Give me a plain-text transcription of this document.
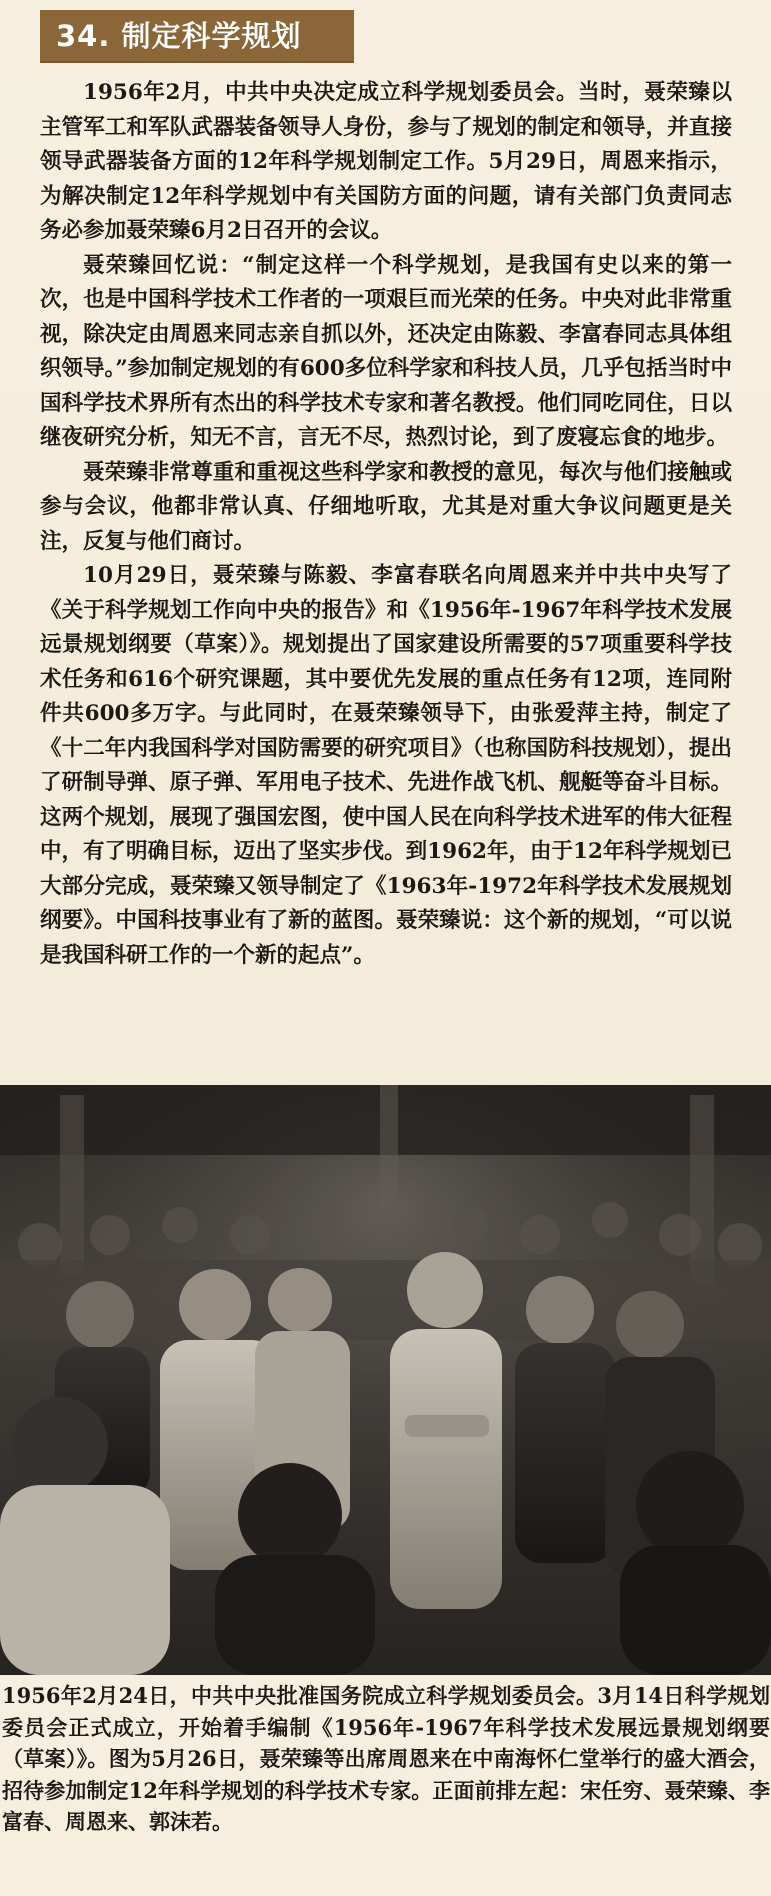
34. 制定科学规划

1956年2月，中共中央决定成立科学规划委员会。当时，聂荣臻以主管军工和军队武器装备领导人身份，参与了规划的制定和领导，并直接领导武器装备方面的12年科学规划制定工作。5月29日，周恩来指示，为解决制定12年科学规划中有关国防方面的问题，请有关部门负责同志务必参加聂荣臻6月2日召开的会议。

聂荣臻回忆说：“制定这样一个科学规划，是我国有史以来的第一次，也是中国科学技术工作者的一项艰巨而光荣的任务。中央对此非常重视，除决定由周恩来同志亲自抓以外，还决定由陈毅、李富春同志具体组织领导。”参加制定规划的有600多位科学家和科技人员，几乎包括当时中国科学技术界所有杰出的科学技术专家和著名教授。他们同吃同住，日以继夜研究分析，知无不言，言无不尽，热烈讨论，到了废寝忘食的地步。

聂荣臻非常尊重和重视这些科学家和教授的意见，每次与他们接触或参与会议，他都非常认真、仔细地听取，尤其是对重大争议问题更是关注，反复与他们商讨。

10月29日，聂荣臻与陈毅、李富春联名向周恩来并中共中央写了《关于科学规划工作向中央的报告》和《1956年-1967年科学技术发展远景规划纲要（草案）》。规划提出了国家建设所需要的57项重要科学技术任务和616个研究课题，其中要优先发展的重点任务有12项，连同附件共600多万字。与此同时，在聂荣臻领导下，由张爱萍主持，制定了《十二年内我国科学对国防需要的研究项目》（也称国防科技规划），提出了研制导弹、原子弹、军用电子技术、先进作战飞机、舰艇等奋斗目标。这两个规划，展现了强国宏图，使中国人民在向科学技术进军的伟大征程中，有了明确目标，迈出了坚实步伐。到1962年，由于12年科学规划已大部分完成，聂荣臻又领导制定了《1963年-1972年科学技术发展规划纲要》。中国科技事业有了新的蓝图。聂荣臻说：这个新的规划，“可以说是我国科研工作的一个新的起点”。

1956年2月24日，中共中央批准国务院成立科学规划委员会。3月14日科学规划委员会正式成立，开始着手编制《1956年-1967年科学技术发展远景规划纲要（草案）》。图为5月26日，聂荣臻等出席周恩来在中南海怀仁堂举行的盛大酒会，招待参加制定12年科学规划的科学技术专家。正面前排左起：宋任穷、聂荣臻、李富春、周恩来、郭沫若。
